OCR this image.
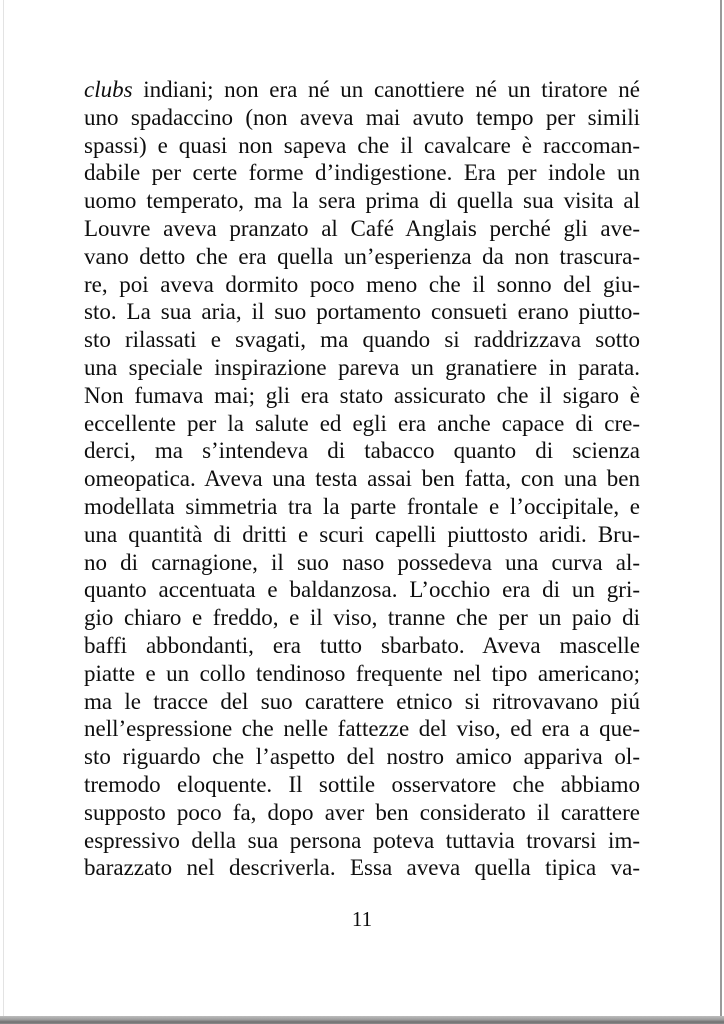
clubs indiani; non era né un canottiere né un tiratore né
uno spadaccino (non aveva mai avuto tempo per simili
spassi) e quasi non sapeva che il cavalcare è raccoman-
dabile per certe forme d’indigestione. Era per indole un
uomo temperato, ma la sera prima di quella sua visita al
Louvre aveva pranzato al Café Anglais perché gli ave-
vano detto che era quella un’esperienza da non trascura-
re, poi aveva dormito poco meno che il sonno del giu-
sto. La sua aria, il suo portamento consueti erano piutto-
sto rilassati e svagati, ma quando si raddrizzava sotto
una speciale inspirazione pareva un granatiere in parata.
Non fumava mai; gli era stato assicurato che il sigaro è
eccellente per la salute ed egli era anche capace di cre-
derci, ma s’intendeva di tabacco quanto di scienza
omeopatica. Aveva una testa assai ben fatta, con una ben
modellata simmetria tra la parte frontale e l’occipitale, e
una quantità di dritti e scuri capelli piuttosto aridi. Bru-
no di carnagione, il suo naso possedeva una curva al-
quanto accentuata e baldanzosa. L’occhio era di un gri-
gio chiaro e freddo, e il viso, tranne che per un paio di
baffi abbondanti, era tutto sbarbato. Aveva mascelle
piatte e un collo tendinoso frequente nel tipo americano;
ma le tracce del suo carattere etnico si ritrovavano piú
nell’espressione che nelle fattezze del viso, ed era a que-
sto riguardo che l’aspetto del nostro amico appariva ol-
tremodo eloquente. Il sottile osservatore che abbiamo
supposto poco fa, dopo aver ben considerato il carattere
espressivo della sua persona poteva tuttavia trovarsi im-
barazzato nel descriverla. Essa aveva quella tipica va-
11
